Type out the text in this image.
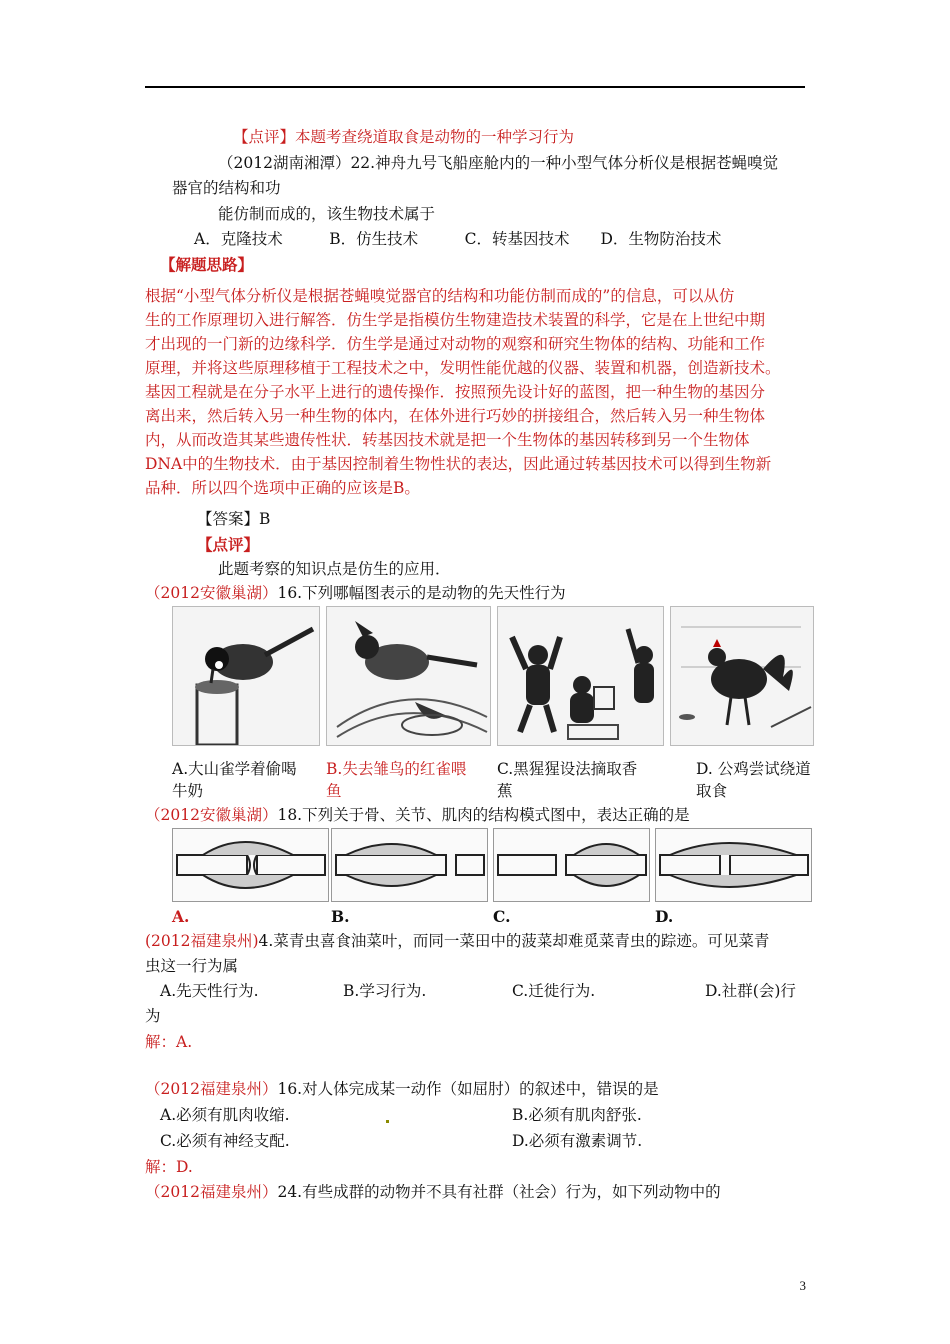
【点评】本题考查绕道取食是动物的一种学习行为
（2012湖南湘潭）22.神舟九号飞船座舱内的一种小型气体分析仪是根据苍蝇嗅觉
器官的结构和功
能仿制而成的，该生物技术属于
A．克隆技术　　　B．仿生技术　　　C．转基因技术　　D．生物防治技术
【解题思路】
根据“小型气体分析仪是根据苍蝇嗅觉器官的结构和功能仿制而成的”的信息，可以从仿
生的工作原理切入进行解答．仿生学是指模仿生物建造技术装置的科学，它是在上世纪中期
才出现的一门新的边缘科学．仿生学是通过对动物的观察和研究生物体的结构、功能和工作
原理，并将这些原理移植于工程技术之中，发明性能优越的仪器、装置和机器，创造新技术。
基因工程就是在分子水平上进行的遗传操作．按照预先设计好的蓝图，把一种生物的基因分
离出来，然后转入另一种生物的体内，在体外进行巧妙的拼接组合，然后转入另一种生物体
内，从而改造其某些遗传性状．转基因技术就是把一个生物体的基因转移到另一个生物体
DNA中的生物技术．由于基因控制着生物性状的表达，因此通过转基因技术可以得到生物新
品种．所以四个选项中正确的应该是B。
【答案】B
【点评】
此题考察的知识点是仿生的应用．
（2012安徽巢湖）16.下列哪幅图表示的是动物的先天性行为
A.大山雀学着偷喝
牛奶
B.失去雏鸟的红雀喂
鱼
C.黑猩猩设法摘取香
蕉
D. 公鸡尝试绕道
取食
（2012安徽巢湖）18.下列关于骨、关节、肌肉的结构模式图中，表达正确的是
A.	B.	C.	D.
(2012福建泉州)4.菜青虫喜食油菜叶，而同一菜田中的菠菜却难觅菜青虫的踪迹。可见菜青
虫这一行为属
A.先天性行为.	B.学习行为.	C.迁徙行为.	D.社群(会)行
为
解：A.
（2012福建泉州）16.对人体完成某一动作（如屈肘）的叙述中，错误的是
A.必须有肌肉收缩.	B.必须有肌肉舒张.
C.必须有神经支配.	D.必须有激素调节.
解：D.
（2012福建泉州）24.有些成群的动物并不具有社群（社会）行为，如下列动物中的
3
